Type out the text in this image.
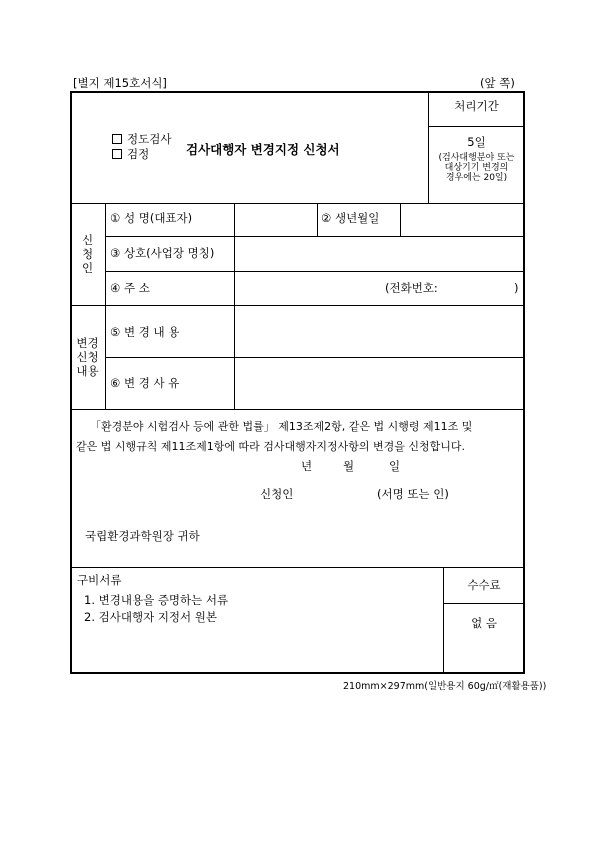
[별지 제15호서식]	(앞 쪽)
정도검사
검정	검사대행자 변경지정 신청서
처리기간
5일
(검사대행분야 또는
대상기기 변경의
경우에는 20일)
신
청
인
① 성 명(대표자)	② 생년월일
③ 상호(사업장 명칭)
④ 주 소	(전화번호:	)
변경
신청
내용
⑤ 변 경 내 용
⑥ 변 경 사 유
「환경분야 시험검사 등에 관한 법률」 제13조제2항, 같은 법 시행령 제11조 및
같은 법 시행규칙 제11조제1항에 따라 검사대행자지정사항의 변경을 신청합니다.
년	월	일
신청인	(서명 또는 인)
국립환경과학원장 귀하
구비서류
1. 변경내용을 증명하는 서류
2. 검사대행자 지정서 원본
수수료
없 음
210mm×297mm(일반용지 60g/㎡(재활용품))
